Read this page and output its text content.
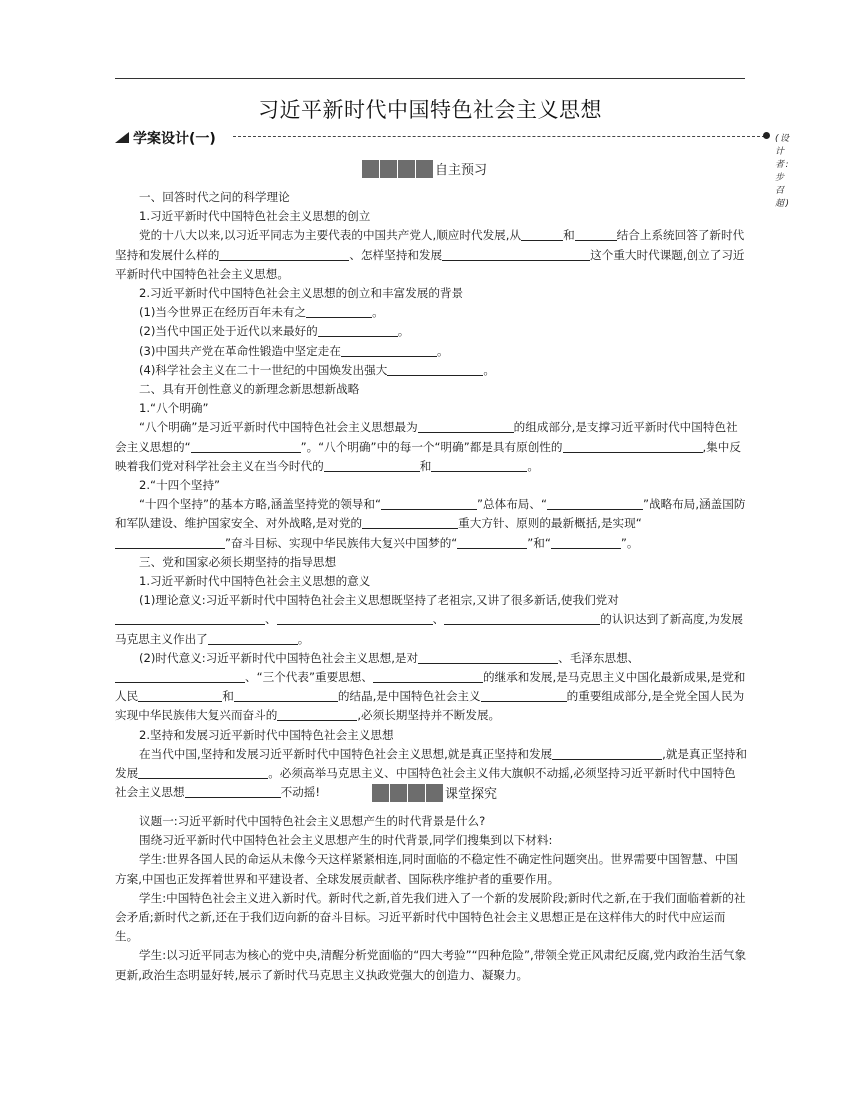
习近平新时代中国特色社会主义思想
学案设计(一)	(设计者:步召超)
自主预习

一、回答时代之问的科学理论

1.习近平新时代中国特色社会主义思想的创立

党的十八大以来,以习近平同志为主要代表的中国共产党人,顺应时代发展,从	和	结合上系统回答了新时代坚持和发展什么样的	、怎样坚持和发展	这个重大时代课题,创立了习近平新时代中国特色社会主义思想。

2.习近平新时代中国特色社会主义思想的创立和丰富发展的背景

(1)当今世界正在经历百年未有之	。

(2)当代中国正处于近代以来最好的	。

(3)中国共产党在革命性锻造中坚定走在	。

(4)科学社会主义在二十一世纪的中国焕发出强大	。

二、具有开创性意义的新理念新思想新战略

1.“八个明确”

“八个明确”是习近平新时代中国特色社会主义思想最为	的组成部分,是支撑习近平新时代中国特色社会主义思想的“	”。“八个明确”中的每一个“明确”都是具有原创性的	,集中反映着我们党对科学社会主义在当今时代的	和	。

2.“十四个坚持”

“十四个坚持”的基本方略,涵盖坚持党的领导和“	”总体布局、“	”战略布局,涵盖国防和军队建设、维护国家安全、对外战略,是对党的	重大方针、原则的最新概括,是实现“”奋斗目标、实现中华民族伟大复兴中国梦的“	”和“	”。

三、党和国家必须长期坚持的指导思想

1.习近平新时代中国特色社会主义思想的意义

(1)理论意义:习近平新时代中国特色社会主义思想既坚持了老祖宗,又讲了很多新话,使我们党对、	、	的认识达到了新高度,为发展马克思主义作出了	。

(2)时代意义:习近平新时代中国特色社会主义思想,是对	、毛泽东思想、、“三个代表”重要思想、	的继承和发展,是马克思主义中国化最新成果,是党和人民	和	的结晶,是中国特色社会主义	的重要组成部分,是全党全国人民为实现中华民族伟大复兴而奋斗的	,必须长期坚持并不断发展。

2.坚持和发展习近平新时代中国特色社会主义思想

在当代中国,坚持和发展习近平新时代中国特色社会主义思想,就是真正坚持和发展	,就是真正坚持和发展	。必须高举马克思主义、中国特色社会主义伟大旗帜不动摇,必须坚持习近平新时代中国特色社会主义思想	不动摇!	课堂探究

议题一:习近平新时代中国特色社会主义思想产生的时代背景是什么?

围绕习近平新时代中国特色社会主义思想产生的时代背景,同学们搜集到以下材料:

学生:世界各国人民的命运从未像今天这样紧紧相连,同时面临的不稳定性不确定性问题突出。世界需要中国智慧、中国方案,中国也正发挥着世界和平建设者、全球发展贡献者、国际秩序维护者的重要作用。

学生:中国特色社会主义进入新时代。新时代之新,首先我们进入了一个新的发展阶段;新时代之新,在于我们面临着新的社会矛盾;新时代之新,还在于我们迈向新的奋斗目标。习近平新时代中国特色社会主义思想正是在这样伟大的时代中应运而生。

学生:以习近平同志为核心的党中央,清醒分析党面临的“四大考验”“四种危险”,带领全党正风肃纪反腐,党内政治生活气象更新,政治生态明显好转,展示了新时代马克思主义执政党强大的创造力、凝聚力。
